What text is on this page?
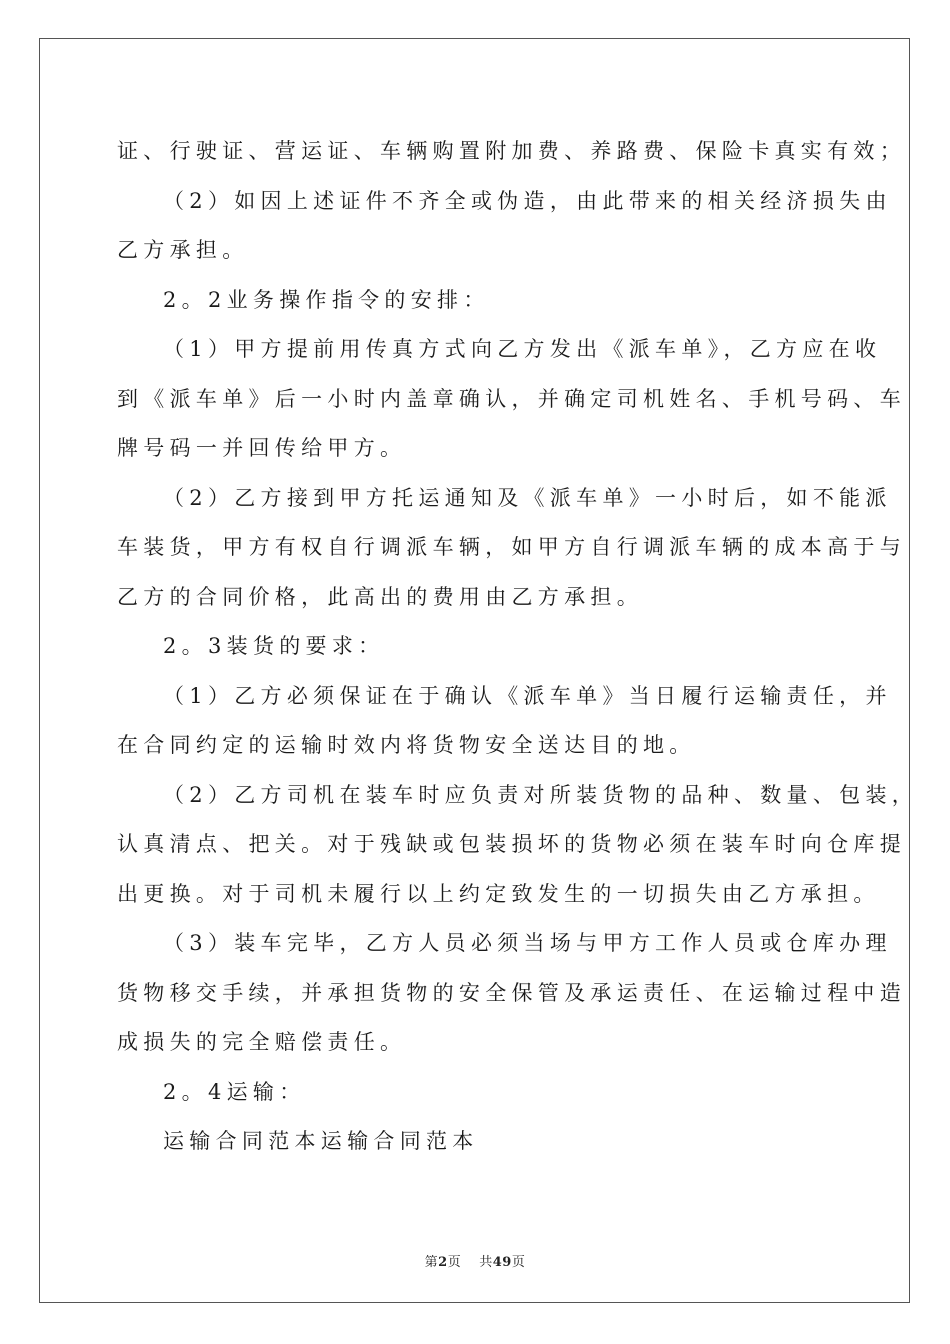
证、行驶证、营运证、车辆购置附加费、养路费、保险卡真实有效；

（2）如因上述证件不齐全或伪造，由此带来的相关经济损失由

乙方承担。

2。2业务操作指令的安排：

（1）甲方提前用传真方式向乙方发出《派车单》，乙方应在收

到《派车单》后一小时内盖章确认，并确定司机姓名、手机号码、车

牌号码一并回传给甲方。

（2）乙方接到甲方托运通知及《派车单》一小时后，如不能派

车装货，甲方有权自行调派车辆，如甲方自行调派车辆的成本高于与

乙方的合同价格，此高出的费用由乙方承担。

2。3装货的要求：

（1）乙方必须保证在于确认《派车单》当日履行运输责任，并

在合同约定的运输时效内将货物安全送达目的地。

（2）乙方司机在装车时应负责对所装货物的品种、数量、包装，

认真清点、把关。对于残缺或包装损坏的货物必须在装车时向仓库提

出更换。对于司机未履行以上约定致发生的一切损失由乙方承担。

（3）装车完毕，乙方人员必须当场与甲方工作人员或仓库办理

货物移交手续，并承担货物的安全保管及承运责任、在运输过程中造

成损失的完全赔偿责任。

2。4运输：

运输合同范本运输合同范本

第2页 共49页
